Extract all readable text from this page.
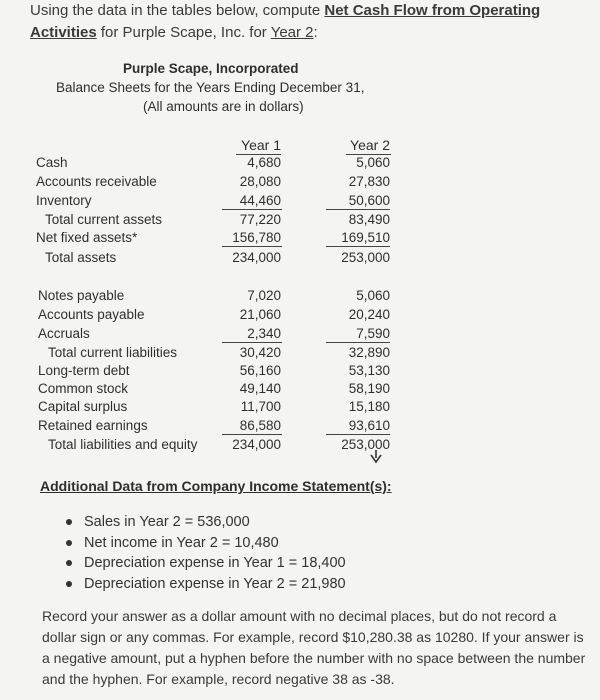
Using the data in the tables below, compute Net Cash Flow from Operating Activities for Purple Scape, Inc. for Year 2:
Purple Scape, Incorporated
Balance Sheets for the Years Ending December 31,
(All amounts are in dollars)
Year 1	Year 2
Cash	4,680	5,060
Accounts receivable	28,080	27,830
Inventory	44,460	50,600
Total current assets	77,220	83,490
Net fixed assets*	156,780	169,510
Total assets	234,000	253,000
Notes payable	7,020	5,060
Accounts payable	21,060	20,240
Accruals	2,340	7,590
Total current liabilities	30,420	32,890
Long-term debt	56,160	53,130
Common stock	49,140	58,190
Capital surplus	11,700	15,180
Retained earnings	86,580	93,610
Total liabilities and equity	234,000	253,000
Additional Data from Company Income Statement(s):
Sales in Year 2 = 536,000
Net income in Year 2 = 10,480
Depreciation expense in Year 1 = 18,400
Depreciation expense in Year 2 = 21,980
Record your answer as a dollar amount with no decimal places, but do not record a dollar sign or any commas. For example, record $10,280.38 as 10280. If your answer is a negative amount, put a hyphen before the number with no space between the number and the hyphen. For example, record negative 38 as -38.
